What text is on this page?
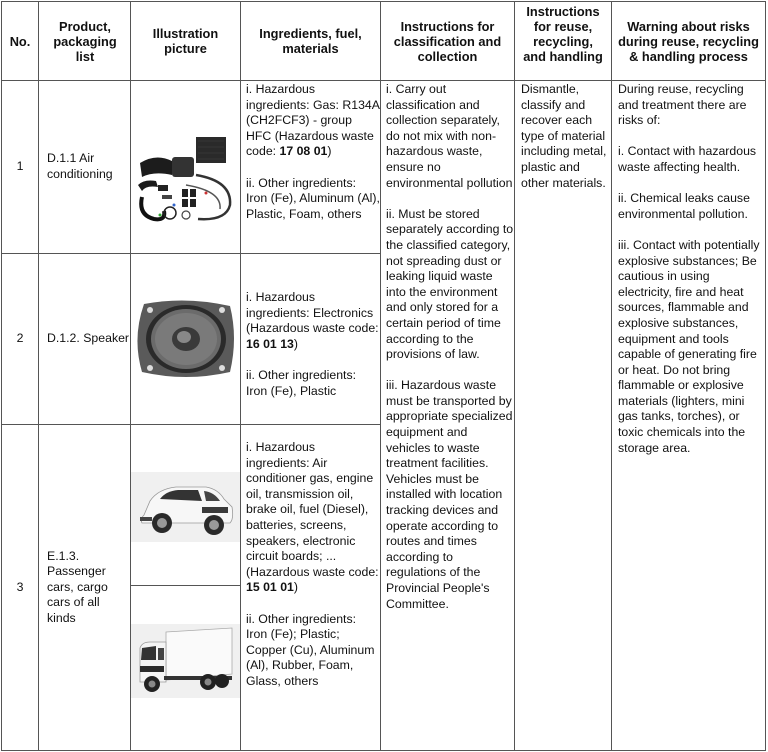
No.
Product, packaging list
Illustration picture
Ingredients, fuel, materials
Instructions for classification and collection
Instructions for reuse, recycling, and handling
Warning about risks during reuse, recycling & handling process
1
D.1.1 Air conditioning

i. Hazardous ingredients: Gas: R134A (CH2FCF3) - group HFC (Hazardous waste code: 17 08 01)

ii. Other ingredients: Iron (Fe), Aluminum (Al), Plastic, Foam, others

2	D.1.2. Speaker

i. Hazardous ingredients: Electronics (Hazardous waste code: 16 01 13)

ii. Other ingredients: Iron (Fe), Plastic

3
E.1.3. Passenger cars, cargo cars of all kinds

i. Hazardous ingredients: Air conditioner gas, engine oil, transmission oil, brake oil, fuel (Diesel), batteries, screens, speakers, electronic circuit boards; ... (Hazardous waste code: 15 01 01)

ii. Other ingredients: Iron (Fe); Plastic; Copper (Cu), Aluminum (Al), Rubber, Foam, Glass, others

i. Carry out classification and collection separately, do not mix with non-hazardous waste, ensure no environmental pollution

ii. Must be stored separately according to the classified category, not spreading dust or leaking liquid waste into the environment and only stored for a certain period of time according to the provisions of law.

iii. Hazardous waste must be transported by appropriate specialized equipment and vehicles to waste treatment facilities. Vehicles must be installed with location tracking devices and operate according to routes and times according to regulations of the Provincial People's Committee.

Dismantle, classify and recover each type of material including metal, plastic and other materials.

During reuse, recycling and treatment there are risks of:

i. Contact with hazardous waste affecting health.

ii. Chemical leaks cause environmental pollution.

iii. Contact with potentially explosive substances; Be cautious in using electricity, fire and heat sources, flammable and explosive substances, equipment and tools capable of generating fire or heat. Do not bring flammable or explosive materials (lighters, mini gas tanks, torches), or toxic chemicals into the storage area.
